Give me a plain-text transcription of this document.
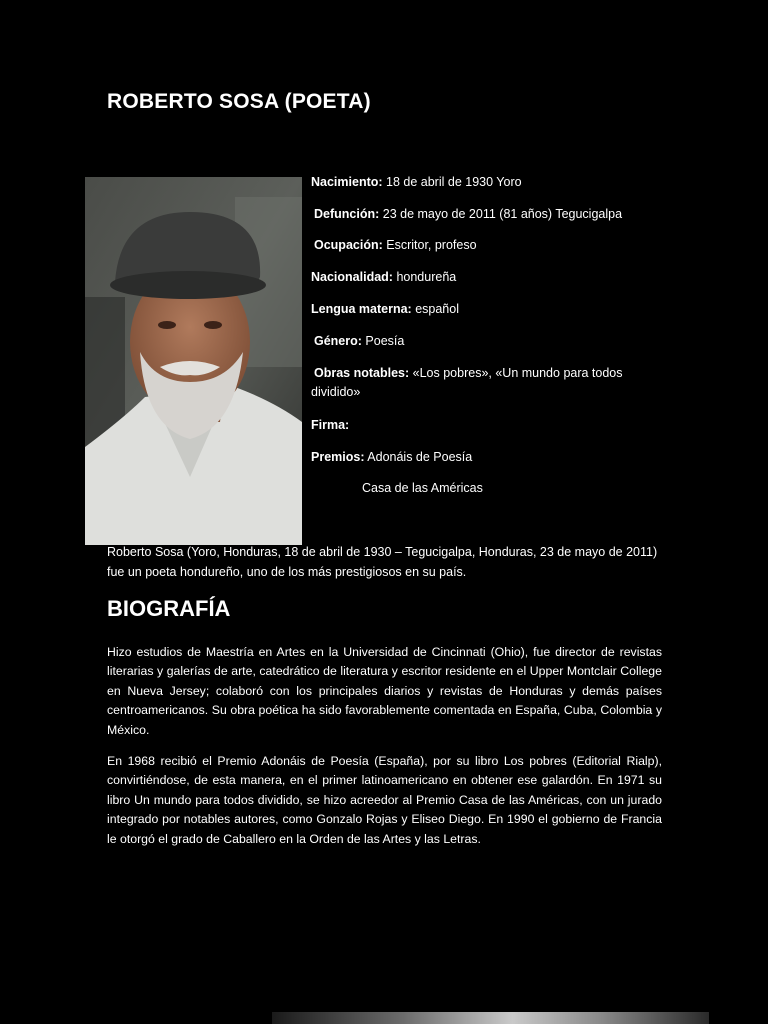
ROBERTO SOSA (POETA)
Nacimiento: 18 de abril de 1930 Yoro
Defunción: 23 de mayo de 2011 (81 años) Tegucigalpa
Ocupación: Escritor, profeso
Nacionalidad: hondureña
Lengua materna: español
Género: Poesía
Obras notables: «Los pobres», «Un mundo para todos dividido»
Firma:
Premios: Adonáis de Poesía
Casa de las Américas
Roberto Sosa (Yoro, Honduras, 18 de abril de 1930 – Tegucigalpa, Honduras, 23 de mayo de 2011) fue un poeta hondureño, uno de los más prestigiosos en su país.
BIOGRAFÍA
Hizo estudios de Maestría en Artes en la Universidad de Cincinnati (Ohio), fue director de revistas literarias y galerías de arte, catedrático de literatura y escritor residente en el Upper Montclair College en Nueva Jersey; colaboró con los principales diarios y revistas de Honduras y demás países centroamericanos. Su obra poética ha sido favorablemente comentada en España, Cuba, Colombia y México.
En 1968 recibió el Premio Adonáis de Poesía (España), por su libro Los pobres (Editorial Rialp), convirtiéndose, de esta manera, en el primer latinoamericano en obtener ese galardón. En 1971 su libro Un mundo para todos dividido, se hizo acreedor al Premio Casa de las Américas, con un jurado integrado por notables autores, como Gonzalo Rojas y Eliseo Diego. En 1990 el gobierno de Francia le otorgó el grado de Caballero en la Orden de las Artes y las Letras.
